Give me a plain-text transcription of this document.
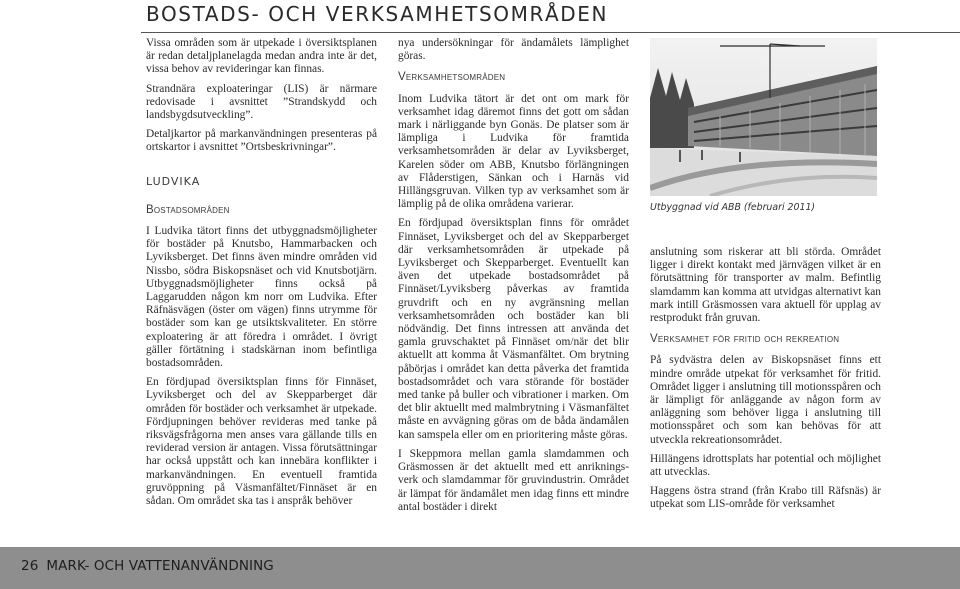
BOSTADS- OCH VERKSAMHETSOMRÅDEN

Vissa områden som är utpekade i översiktsplanen är redan detaljplanelagda medan andra inte är det, vissa behov av revideringar kan finnas.

Strandnära exploateringar (LIS) är närmare redovisade i avsnittet ”Strandskydd och landsbygdsutveckling”.

Detaljkartor på markanvändningen presenteras på ortskartor i avsnittet ”Ortsbeskrivningar”.

LUDVIKA
Bostadsområden

I Ludvika tätort finns det utbyggnadsmöjligheter för bostäder på Knutsbo, Hammarbacken och Lyviksberget. Det finns även mindre områden vid Nissbo, södra Biskopsnäset och vid Knutsbotjärn. Utbyggnadsmöjligheter finns också på Laggarudden någon km norr om Ludvika. Efter Räfnäsvägen (öster om vägen) finns utrymme för bostäder som kan ge utsiktskvaliteter. En större exploatering är att föredra i området. I övrigt gäller förtätning i stadskärnan inom befintliga bostadsområden.

En fördjupad översiktsplan finns för Finnäset, Lyviksberget och del av Skepparberget där områden för bostäder och verksamhet är utpekade. Fördjupningen behöver revideras med tanke på riksvägsfrågorna men anses vara gällande tills en reviderad version är antagen. Vissa förutsättningar har också uppstått och kan innebära konflikter i markanvändningen. En eventuell framtida gruvöppning på Väsmanfältet/Finnäset är en sådan. Om området ska tas i anspråk behöver

nya undersökningar för ändamålets lämplighet göras.

Verksamhetsområden

Inom Ludvika tätort är det ont om mark för verksamhet idag däremot finns det gott om sådan mark i närliggande byn Gonäs. De platser som är lämpliga i Ludvika för framtida verksamhetsområden är delar av Lyviksberget, Karelen söder om ABB, Knutsbo förlängningen av Flåderstigen, Sänkan och i Harnäs vid Hillängsgruvan. Vilken typ av verksamhet som är lämplig på de olika områdena varierar.

En fördjupad översiktsplan finns för området Finnäset, Lyviksberget och del av Skepparberget där verksamhetsområden är utpekade på Lyviksberget och Skepparberget. Eventuellt kan även det utpekade bostadsområdet på Finnäset/Lyviksberg påverkas av framtida gruvdrift och en ny avgränsning mellan verksamhetsområden och bostäder kan bli nödvändig. Det finns intressen att använda det gamla gruvschaktet på Finnäset om/när det blir aktuellt att komma åt Väsmanfältet. Om brytning påbörjas i området kan detta påverka det framtida bostadsområdet och vara störande för bostäder med tanke på buller och vibrationer i marken. Om det blir aktuellt med malmbrytning i Väsmanfältet måste en avvägning göras om de båda ändamålen kan samspela eller om en prioritering måste göras.

I Skeppmora mellan gamla slamdammen och Gräsmossen är det aktuellt med ett anriknings-verk och slamdammar för gruvindustrin. Området är lämpat för ändamålet men idag finns ett mindre antal bostäder i direkt

Utbyggnad vid ABB (februari 2011)

anslutning som riskerar att bli störda. Området ligger i direkt kontakt med järnvägen vilket är en förutsättning för transporter av malm. Befintlig slamdamm kan komma att utvidgas alternativt kan mark intill Gräsmossen vara aktuell för upplag av restprodukt från gruvan.

Verksamhet för fritid och rekreation

På sydvästra delen av Biskopsnäset finns ett mindre område utpekat för verksamhet för fritid. Området ligger i anslutning till motionsspåren och är lämpligt för anläggande av någon form av anläggning som behöver ligga i anslutning till motionsspåret och som kan behövas för att utveckla rekreationsområdet.

Hillängens idrottsplats har potential och möjlighet att utvecklas.

Haggens östra strand (från Krabo till Räfsnäs) är utpekat som LIS-område för verksamhet

26 MARK- OCH VATTENANVÄNDNING
